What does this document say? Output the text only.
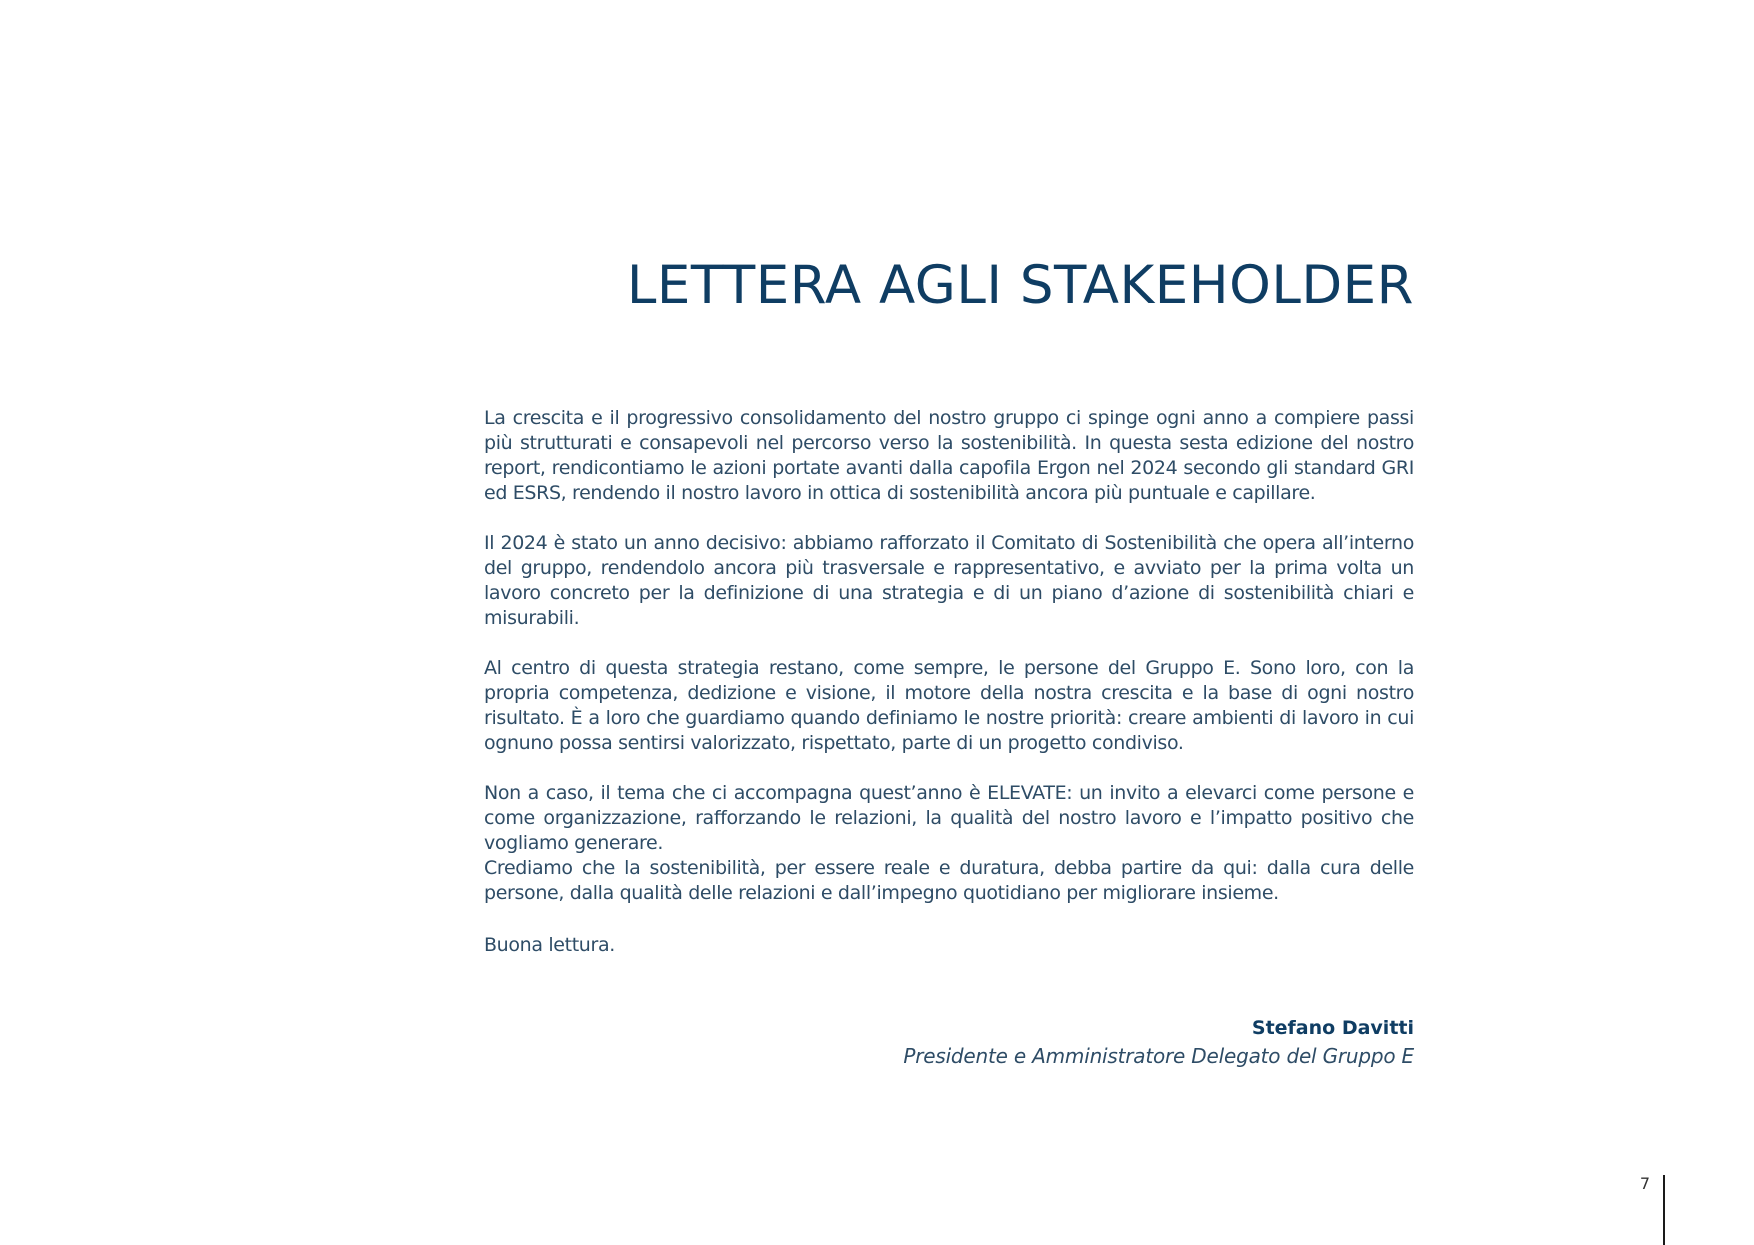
LETTERA AGLI STAKEHOLDER

La crescita e il progressivo consolidamento del nostro gruppo ci spinge ogni anno a compiere passi più strutturati e consapevoli nel percorso verso la sostenibilità. In questa sesta edizione del nostro report, rendicontiamo le azioni portate avanti dalla capofila Ergon nel 2024 secondo gli standard GRI ed ESRS, rendendo il nostro lavoro in ottica di sostenibilità ancora più puntuale e capillare.

Il 2024 è stato un anno decisivo: abbiamo rafforzato il Comitato di Sostenibilità che opera all’interno del gruppo, rendendolo ancora più trasversale e rappresentativo, e avviato per la prima volta un lavoro concreto per la definizione di una strategia e di un piano d’azione di sostenibilità chiari e misurabili.

Al centro di questa strategia restano, come sempre, le persone del Gruppo E. Sono loro, con la propria competenza, dedizione e visione, il motore della nostra crescita e la base di ogni nostro risultato. È a loro che guardiamo quando definiamo le nostre priorità: creare ambienti di lavoro in cui ognuno possa sentirsi valorizzato, rispettato, parte di un progetto condiviso.

Non a caso, il tema che ci accompagna quest’anno è ELEVATE: un invito a elevarci come persone e come organizzazione, rafforzando le relazioni, la qualità del nostro lavoro e l’impatto positivo che vogliamo generare.

Crediamo che la sostenibilità, per essere reale e duratura, debba partire da qui: dalla cura delle persone, dalla qualità delle relazioni e dall’impegno quotidiano per migliorare insieme.

Buona lettura.

Stefano Davitti
Presidente e Amministratore Delegato del Gruppo E
7
